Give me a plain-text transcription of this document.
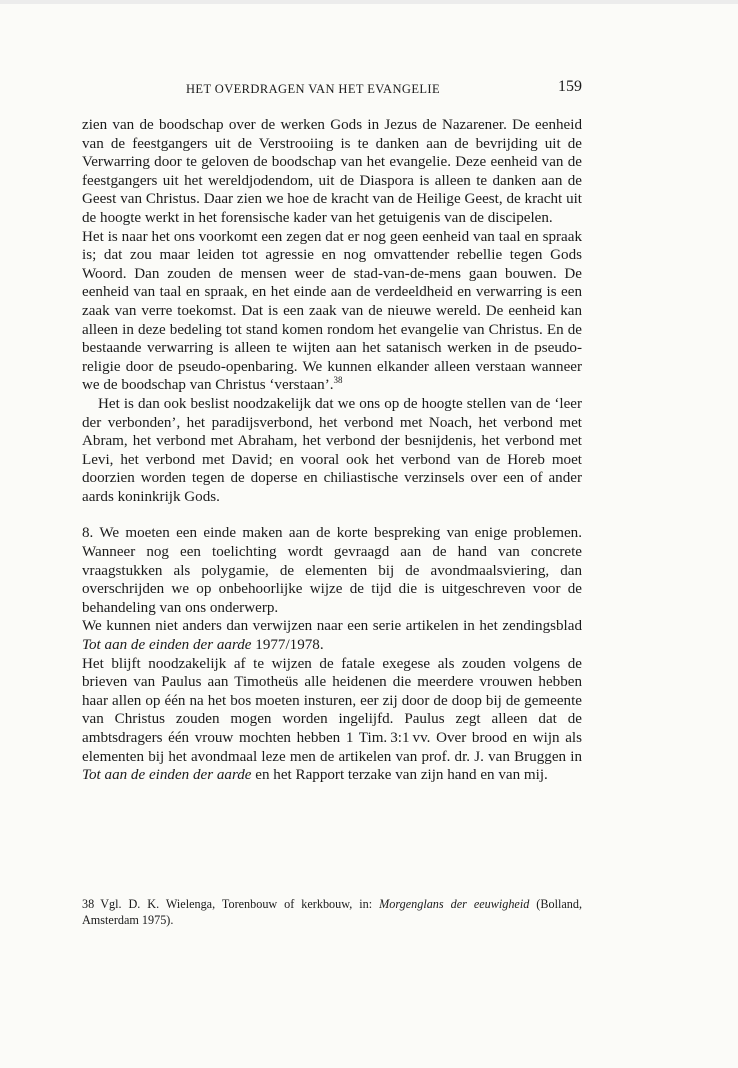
HET OVERDRAGEN VAN HET EVANGELIE	159

zien van de boodschap over de werken Gods in Jezus de Nazarener. De eenheid van de feestgangers uit de Verstrooiing is te danken aan de bevrijding uit de Verwarring door te geloven de boodschap van het evangelie. Deze eenheid van de feestgangers uit het wereldjodendom, uit de Diaspora is alleen te danken aan de Geest van Christus. Daar zien we hoe de kracht van de Heilige Geest, de kracht uit de hoogte werkt in het forensische kader van het getuigenis van de discipelen.

Het is naar het ons voorkomt een zegen dat er nog geen eenheid van taal en spraak is; dat zou maar leiden tot agressie en nog omvattender rebellie tegen Gods Woord. Dan zouden de mensen weer de stad-van-de-mens gaan bouwen. De eenheid van taal en spraak, en het einde aan de verdeeldheid en verwarring is een zaak van verre toekomst. Dat is een zaak van de nieuwe wereld. De eenheid kan alleen in deze bedeling tot stand komen rondom het evangelie van Christus. En de bestaande verwarring is alleen te wijten aan het satanisch werken in de pseudo-religie door de pseudo-openbaring. We kunnen elkander alleen verstaan wanneer we de boodschap van Christus ‘verstaan’.$^{38}$

Het is dan ook beslist noodzakelijk dat we ons op de hoogte stellen van de ‘leer der verbonden’, het paradijsverbond, het verbond met Noach, het verbond met Abram, het verbond met Abraham, het verbond der besnijdenis, het verbond met Levi, het verbond met David; en vooral ook het verbond van de Horeb moet doorzien worden tegen de doperse en chiliastische verzinsels over een of ander aards koninkrijk Gods.

8. We moeten een einde maken aan de korte bespreking van enige problemen. Wanneer nog een toelichting wordt gevraagd aan de hand van concrete vraagstukken als polygamie, de elementen bij de avondmaalsviering, dan overschrijden we op onbehoorlijke wijze de tijd die is uitgeschreven voor de behandeling van ons onderwerp.

We kunnen niet anders dan verwijzen naar een serie artikelen in het zendingsblad Tot aan de einden der aarde 1977/1978.

Het blijft noodzakelijk af te wijzen de fatale exegese als zouden volgens de brieven van Paulus aan Timotheüs alle heidenen die meerdere vrouwen hebben haar allen op één na het bos moeten insturen, eer zij door de doop bij de gemeente van Christus zouden mogen worden ingelijfd. Paulus zegt alleen dat de ambtsdragers één vrouw mochten hebben 1 Tim. 3:1 vv. Over brood en wijn als elementen bij het avondmaal leze men de artikelen van prof. dr. J. van Bruggen in Tot aan de einden der aarde en het Rapport terzake van zijn hand en van mij.

38 Vgl. D. K. Wielenga, Torenbouw of kerkbouw, in: Morgenglans der eeuwigheid (Bolland, Amsterdam 1975).
